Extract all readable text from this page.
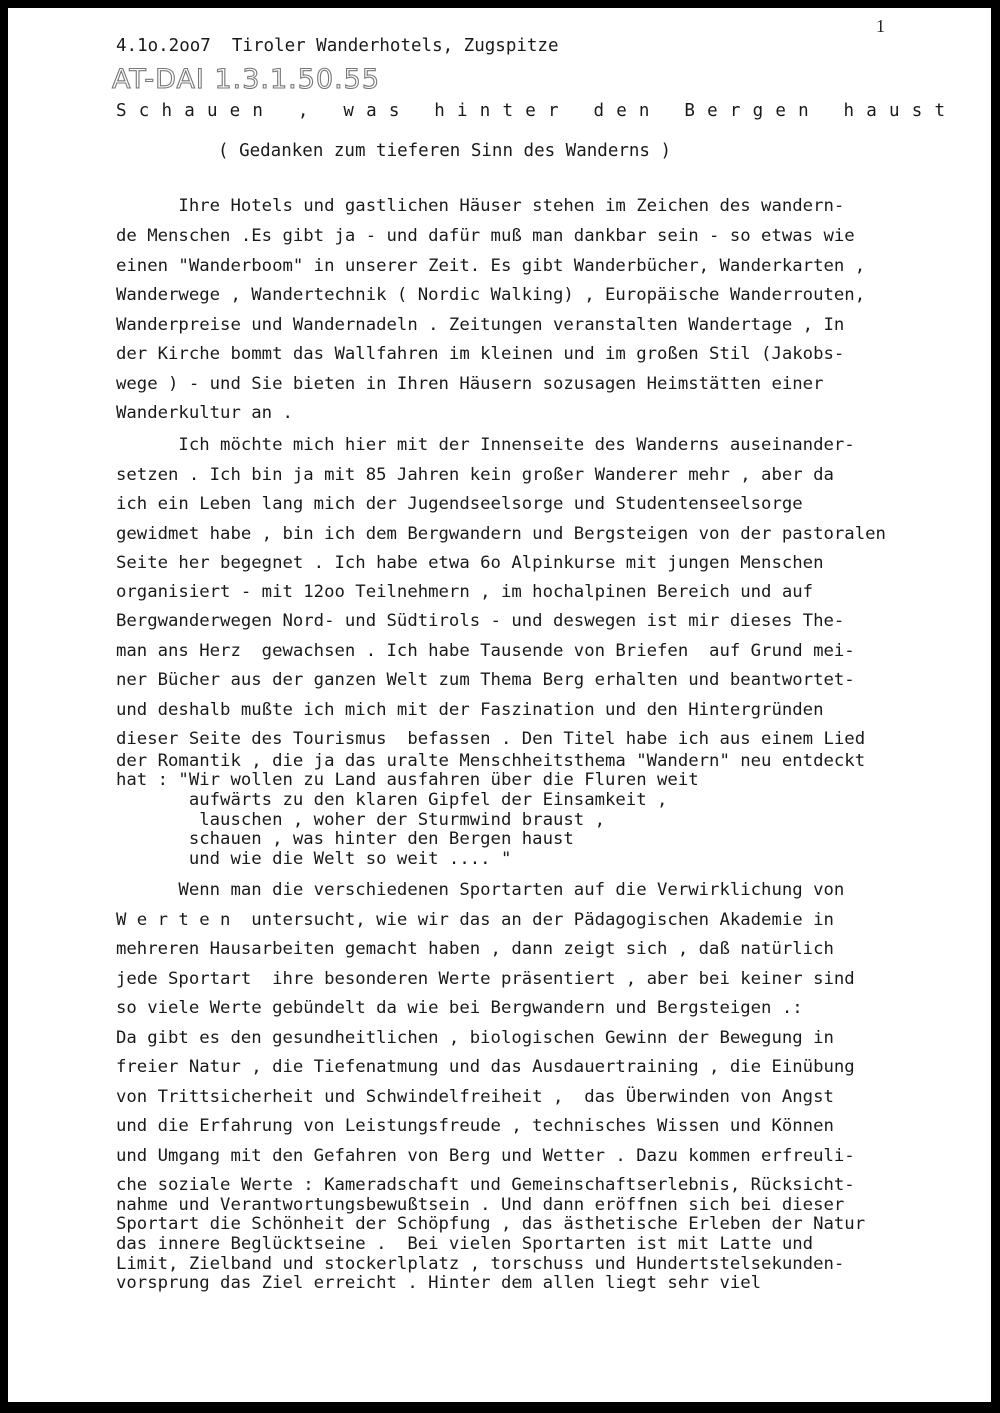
1
4.1o.2oo7  Tiroler Wanderhotels, Zugspitze
AT-DAI 1.3.1.50.55
Schauen , was hinter den Bergen haust
( Gedanken zum tieferen Sinn des Wanderns )
Ihre Hotels und gastlichen Häuser stehen im Zeichen des wandern-
de Menschen .Es gibt ja - und dafür muß man dankbar sein - so etwas wie
einen "Wanderboom" in unserer Zeit. Es gibt Wanderbücher, Wanderkarten ,
Wanderwege , Wandertechnik ( Nordic Walking) , Europäische Wanderrouten,
Wanderpreise und Wandernadeln . Zeitungen veranstalten Wandertage , In
der Kirche bommt das Wallfahren im kleinen und im großen Stil (Jakobs-
wege ) - und Sie bieten in Ihren Häusern sozusagen Heimstätten einer
Wanderkultur an .
Ich möchte mich hier mit der Innenseite des Wanderns auseinander-
setzen . Ich bin ja mit 85 Jahren kein großer Wanderer mehr , aber da
ich ein Leben lang mich der Jugendseelsorge und Studentenseelsorge
gewidmet habe , bin ich dem Bergwandern und Bergsteigen von der pastoralen
Seite her begegnet . Ich habe etwa 6o Alpinkurse mit jungen Menschen
organisiert - mit 12oo Teilnehmern , im hochalpinen Bereich und auf
Bergwanderwegen Nord- und Südtirols - und deswegen ist mir dieses The-
man ans Herz  gewachsen . Ich habe Tausende von Briefen  auf Grund mei-
ner Bücher aus der ganzen Welt zum Thema Berg erhalten und beantwortet-
und deshalb mußte ich mich mit der Faszination und den Hintergründen
dieser Seite des Tourismus  befassen . Den Titel habe ich aus einem Lied
der Romantik , die ja das uralte Menschheitsthema "Wandern" neu entdeckt
hat : "Wir wollen zu Land ausfahren über die Fluren weit
aufwärts zu den klaren Gipfel der Einsamkeit ,
lauschen , woher der Sturmwind braust ,
schauen , was hinter den Bergen haust
und wie die Welt so weit .... "
Wenn man die verschiedenen Sportarten auf die Verwirklichung von
W e r t e n  untersucht, wie wir das an der Pädagogischen Akademie in
mehreren Hausarbeiten gemacht haben , dann zeigt sich , daß natürlich
jede Sportart  ihre besonderen Werte präsentiert , aber bei keiner sind
so viele Werte gebündelt da wie bei Bergwandern und Bergsteigen .:
Da gibt es den gesundheitlichen , biologischen Gewinn der Bewegung in
freier Natur , die Tiefenatmung und das Ausdauertraining , die Einübung
von Trittsicherheit und Schwindelfreiheit ,  das Überwinden von Angst
und die Erfahrung von Leistungsfreude , technisches Wissen und Können
und Umgang mit den Gefahren von Berg und Wetter . Dazu kommen erfreuli-
che soziale Werte : Kameradschaft und Gemeinschaftserlebnis, Rücksicht-
nahme und Verantwortungsbewußtsein . Und dann eröffnen sich bei dieser
Sportart die Schönheit der Schöpfung , das ästhetische Erleben der Natur
das innere Beglücktseine .  Bei vielen Sportarten ist mit Latte und
Limit, Zielband und stockerlplatz , torschuss und Hundertstelsekunden-
vorsprung das Ziel erreicht . Hinter dem allen liegt sehr viel
